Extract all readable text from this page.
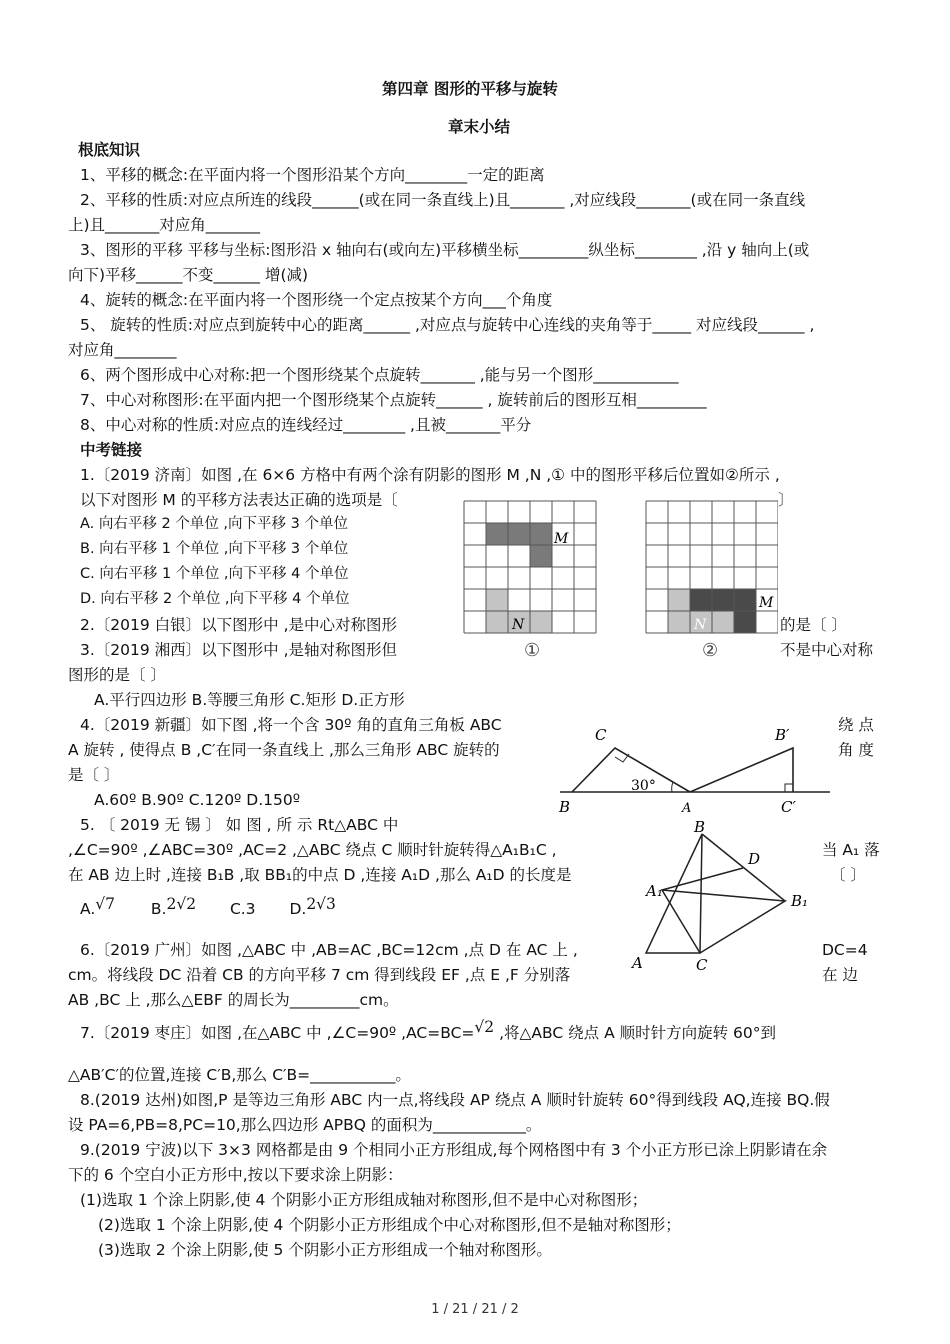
第四章 图形的平移与旋转
章末小结
根底知识
1、平移的概念:在平面内将一个图形沿某个方向________一定的距离
2、平移的性质:对应点所连的线段______(或在同一条直线上)且_______ ,对应线段_______(或在同一条直线
上)且_______对应角_______
3、图形的平移 平移与坐标:图形沿 x 轴向右(或向左)平移横坐标_________纵坐标________ ,沿 y 轴向上(或
向下)平移______不变______ 增(减)
4、旋转的概念:在平面内将一个图形绕一个定点按某个方向___个角度
5、 旋转的性质:对应点到旋转中心的距离______ ,对应点与旋转中心连线的夹角等于_____ 对应线段______ ,
对应角________
6、两个图形成中心对称:把一个图形绕某个点旋转_______ ,能与另一个图形___________
7、中心对称图形:在平面内把一个图形绕某个点旋转______ , 旋转前后的图形互相_________
8、中心对称的性质:对应点的连线经过________ ,且被_______平分
中考链接
1.〔2019 济南〕如图 ,在 6×6 方格中有两个涂有阴影的图形 M ,N ,① 中的图形平移后位置如②所示 ,
以下对图形 M 的平移方法表达正确的选项是〔	〕
A. 向右平移 2 个单位 ,向下平移 3 个单位
B. 向右平移 1 个单位 ,向下平移 3 个单位
C. 向右平移 1 个单位 ,向下平移 4 个单位
D. 向右平移 2 个单位 ,向下平移 4 个单位
M
N
①
M
N
②
2.〔2019 白银〕以下图形中 ,是中心对称图形	的是〔 〕
3.〔2019 湘西〕以下图形中 ,是轴对称图形但	不是中心对称
图形的是〔 〕
A.平行四边形 B.等腰三角形 C.矩形 D.正方形
4.〔2019 新疆〕如下图 ,将一个含 30º 角的直角三角板 ABC	绕 点
A 旋转 , 使得点 B ,C′在同一条直线上 ,那么三角形 ABC 旋转的	角 度
是〔 〕
A.60º B.90º C.120º D.150º
C	B′
30°
B	A	C′
5. 〔 2019 无 锡 〕 如 图 , 所 示 Rt△ABC 中
,∠C=90º ,∠ABC=30º ,AC=2 ,△ABC 绕点 C 顺时针旋转得△A₁B₁C ,	当 A₁ 落
在 AB 边上时 ,连接 B₁B ,取 BB₁的中点 D ,连接 A₁D ,那么 A₁D 的长度是	〔 〕
A.√7 B.2√2 C.3 D.2√3
B
D
A₁
B₁
A	C
6.〔2019 广州〕如图 ,△ABC 中 ,AB=AC ,BC=12cm ,点 D 在 AC 上 ,	DC=4
cm。将线段 DC 沿着 CB 的方向平移 7 cm 得到线段 EF ,点 E ,F 分别落	在 边
AB ,BC 上 ,那么△EBF 的周长为_________cm。
7.〔2019 枣庄〕如图 ,在△ABC 中 ,∠C=90º ,AC=BC=√2 ,将△ABC 绕点 A 顺时针方向旋转 60°到
△AB′C′的位置,连接 C′B,那么 C′B=___________。
8.(2019 达州)如图,P 是等边三角形 ABC 内一点,将线段 AP 绕点 A 顺时针旋转 60°得到线段 AQ,连接 BQ.假
设 PA=6,PB=8,PC=10,那么四边形 APBQ 的面积为____________。
9.(2019 宁波)以下 3×3 网格都是由 9 个相同小正方形组成,每个网格图中有 3 个小正方形已涂上阴影请在余
下的 6 个空白小正方形中,按以下要求涂上阴影：
(1)选取 1 个涂上阴影,使 4 个阴影小正方形组成轴对称图形,但不是中心对称图形；
(2)选取 1 个涂上阴影,使 4 个阴影小正方形组成个中心对称图形,但不是轴对称图形；
(3)选取 2 个涂上阴影,使 5 个阴影小正方形组成一个轴对称图形。
1 / 21 / 21 / 2
